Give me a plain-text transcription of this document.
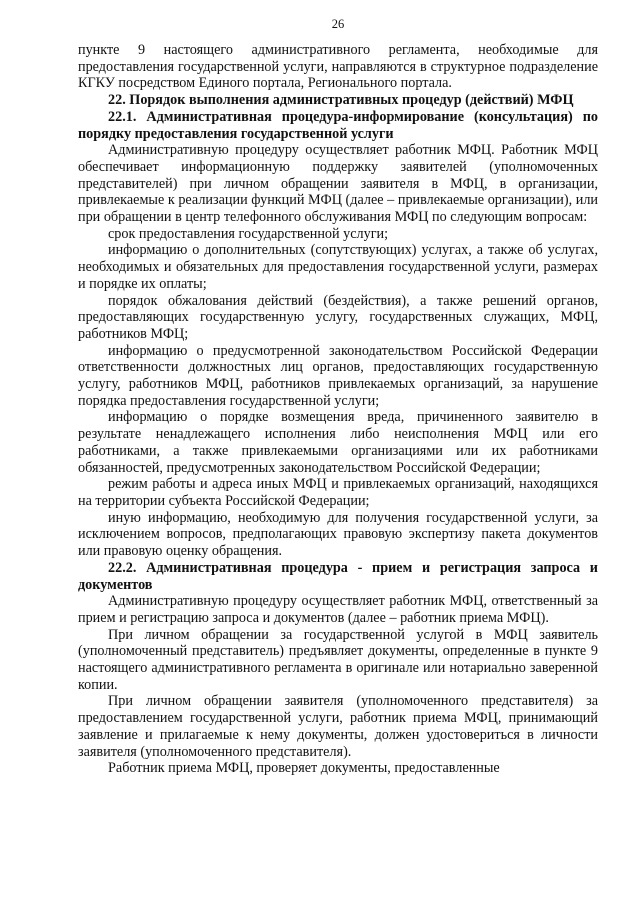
26

пункте 9 настоящего административного регламента, необходимые для предоставления государственной услуги, направляются в структурное подразделение КГКУ посредством Единого портала, Регионального портала.

22. Порядок выполнения административных процедур (действий) МФЦ

22.1. Административная процедура-информирование (консультация) по порядку предоставления государственной услуги

Административную процедуру осуществляет работник МФЦ. Работник МФЦ обеспечивает информационную поддержку заявителей (уполномоченных представителей) при личном обращении заявителя в МФЦ, в организации, привлекаемые к реализации функций МФЦ (далее – привлекаемые организации), или при обращении в центр телефонного обслуживания МФЦ по следующим вопросам:

срок предоставления государственной услуги;

информацию о дополнительных (сопутствующих) услугах, а также об услугах, необходимых и обязательных для предоставления государственной услуги, размерах и порядке их оплаты;

порядок обжалования действий (бездействия), а также решений органов, предоставляющих государственную услугу, государственных служащих, МФЦ, работников МФЦ;

информацию о предусмотренной законодательством Российской Федерации ответственности должностных лиц органов, предоставляющих государственную услугу, работников МФЦ, работников привлекаемых организаций, за нарушение порядка предоставления государственной услуги;

информацию о порядке возмещения вреда, причиненного заявителю в результате ненадлежащего исполнения либо неисполнения МФЦ или его работниками, а также привлекаемыми организациями или их работниками обязанностей, предусмотренных законодательством Российской Федерации;

режим работы и адреса иных МФЦ и привлекаемых организаций, находящихся на территории субъекта Российской Федерации;

иную информацию, необходимую для получения государственной услуги, за исключением вопросов, предполагающих правовую экспертизу пакета документов или правовую оценку обращения.

22.2. Административная процедура - прием и регистрация запроса и документов

Административную процедуру осуществляет работник МФЦ, ответственный за прием и регистрацию запроса и документов (далее – работник приема МФЦ).

При личном обращении за государственной услугой в МФЦ заявитель (уполномоченный представитель) предъявляет документы, определенные в пункте 9 настоящего административного регламента в оригинале или нотариально заверенной копии.

При личном обращении заявителя (уполномоченного представителя) за предоставлением государственной услуги, работник приема МФЦ, принимающий заявление и прилагаемые к нему документы, должен удостовериться в личности заявителя (уполномоченного представителя).

Работник приема МФЦ, проверяет документы, предоставленные
